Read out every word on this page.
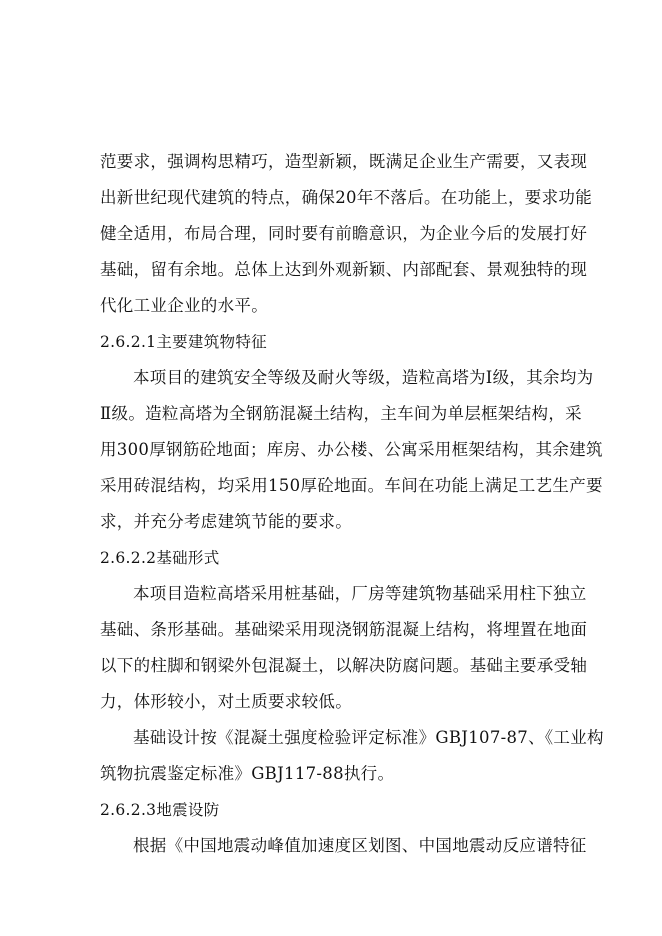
范要求，强调构思精巧，造型新颖，既满足企业生产需要，又表现
出新世纪现代建筑的特点，确保20年不落后。在功能上，要求功能
健全适用，布局合理，同时要有前瞻意识，为企业今后的发展打好
基础，留有余地。总体上达到外观新颖、内部配套、景观独特的现
代化工业企业的水平。
2.6.2.1主要建筑物特征
本项目的建筑安全等级及耐火等级，造粒高塔为Ⅰ级，其余均为
Ⅱ级。造粒高塔为全钢筋混凝土结构，主车间为单层框架结构，采
用300厚钢筋砼地面；库房、办公楼、公寓采用框架结构，其余建筑
采用砖混结构，均采用150厚砼地面。车间在功能上满足工艺生产要
求，并充分考虑建筑节能的要求。
2.6.2.2基础形式
本项目造粒高塔采用桩基础，厂房等建筑物基础采用柱下独立
基础、条形基础。基础梁采用现浇钢筋混凝上结构，将埋置在地面
以下的柱脚和钢梁外包混凝土，以解决防腐问题。基础主要承受轴
力，体形较小，对土质要求较低。
基础设计按《混凝土强度检验评定标准》GBJ107-87、《工业构
筑物抗震鉴定标准》GBJ117-88执行。
2.6.2.3地震设防
根据《中国地震动峰值加速度区划图、中国地震动反应谱特征
